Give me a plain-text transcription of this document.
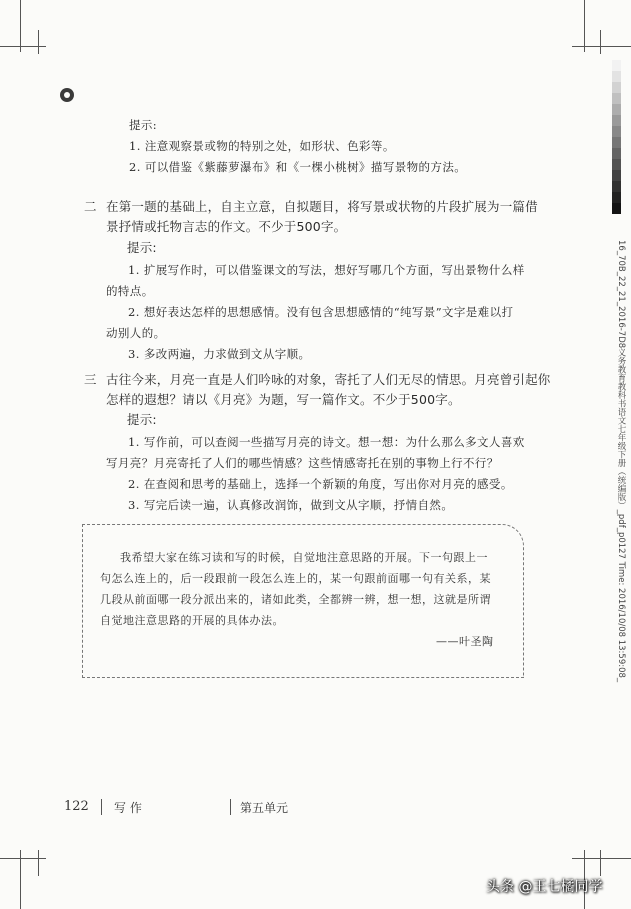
16_70B_22_21_2016-7D8义务教育教科书语文七年级下册（统编版）_pdf_p0127 Time: 2016/10/08 13:59:08_
提示:
1. 注意观察景或物的特别之处，如形状、色彩等。
2. 可以借鉴《紫藤萝瀑布》和《一棵小桃树》描写景物的方法。
二 在第一题的基础上，自主立意，自拟题目，将写景或状物的片段扩展为一篇借
景抒情或托物言志的作文。不少于500字。
提示:
1. 扩展写作时，可以借鉴课文的写法，想好写哪几个方面，写出景物什么样
的特点。
2. 想好表达怎样的思想感情。没有包含思想感情的“纯写景”文字是难以打
动别人的。
3. 多改两遍，力求做到文从字顺。
三 古往今来，月亮一直是人们吟咏的对象，寄托了人们无尽的情思。月亮曾引起你
怎样的遐想？请以《月亮》为题，写一篇作文。不少于500字。
提示:
1. 写作前，可以查阅一些描写月亮的诗文。想一想：为什么那么多文人喜欢
写月亮？月亮寄托了人们的哪些情感？这些情感寄托在别的事物上行不行？
2. 在查阅和思考的基础上，选择一个新颖的角度，写出你对月亮的感受。
3. 写完后读一遍，认真修改润饰，做到文从字顺，抒情自然。
我希望大家在练习读和写的时候，自觉地注意思路的开展。下一句跟上一
句怎么连上的，后一段跟前一段怎么连上的，某一句跟前面哪一句有关系，某
几段从前面哪一段分派出来的，诸如此类，全都辨一辨，想一想，这就是所谓
自觉地注意思路的开展的具体办法。
——叶圣陶
122 写 作	第五单元
头条 @王七橘同学
